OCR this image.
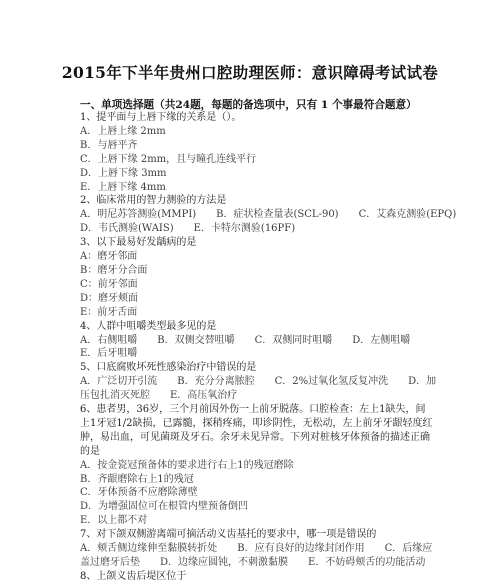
2015年下半年贵州口腔助理医师：意识障碍考试试卷
一、单项选择题（共24题，每题的备选项中，只有 1 个事最符合题意）
1、提平面与上唇下缘的关系是（）。
A．上唇上缘 2mm
B．与唇平齐
C．上唇下缘 2mm，且与瞳孔连线平行
D．上唇下缘 3mm
E．上唇下缘 4mm
2、临床常用的智力测验的方法是
A．明尼苏答测验(MMPI)　　B．症状检查量表(SCL-90)　　C．艾森克测验(EPQ)
D．韦氏测验(WAIS)　　E．卡特尔测验(16PF)
3、以下最易好发龋病的是
A：磨牙邻面
B：磨牙分合面
C：前牙邻面
D：磨牙颊面
E：前牙舌面
4、人群中咀嚼类型最多见的是
A．右侧咀嚼　　B．双侧交替咀嚼　　C．双侧同时咀嚼　　D．左侧咀嚼
E．后牙咀嚼
5、口底腐败坏死性感染治疗中错误的是
A．广泛切开引流　　B．充分分离脓腔　　C．2%过氧化氢反复冲洗　　D．加
压包扎消灭死腔　　E．高压氧治疗
6、患者男，36岁，三个月前因外伤一上前牙脱落。口腔检查：左上1缺失，间
上1牙冠1/2缺损，已露髓，探稍疼痛，叩诊阴性，无松动，左上前牙牙龈轻度红
肿，易出血，可见菌斑及牙石。余牙未见异常。下列对桩核牙体预备的描述正确
的是
A．按金瓷冠预备体的要求进行右上1的残冠磨除
B．齐龈磨除右上1的残冠
C．牙体预备不应磨除薄壁
D．为增强固位可在根管内壁预备倒凹
E．以上都不对
7、对下颌双侧游离端可摘活动义齿基托的要求中，哪一项是错误的
A．颊舌侧边缘伸至黏膜转折处　　B．应有良好的边缘封闭作用　　C．后缘应
盖过磨牙后垫　　D．边缘应圆钝，不刺激黏膜　　E．不妨碍颊舌的功能活动
8、上颌义齿后堤区位于
